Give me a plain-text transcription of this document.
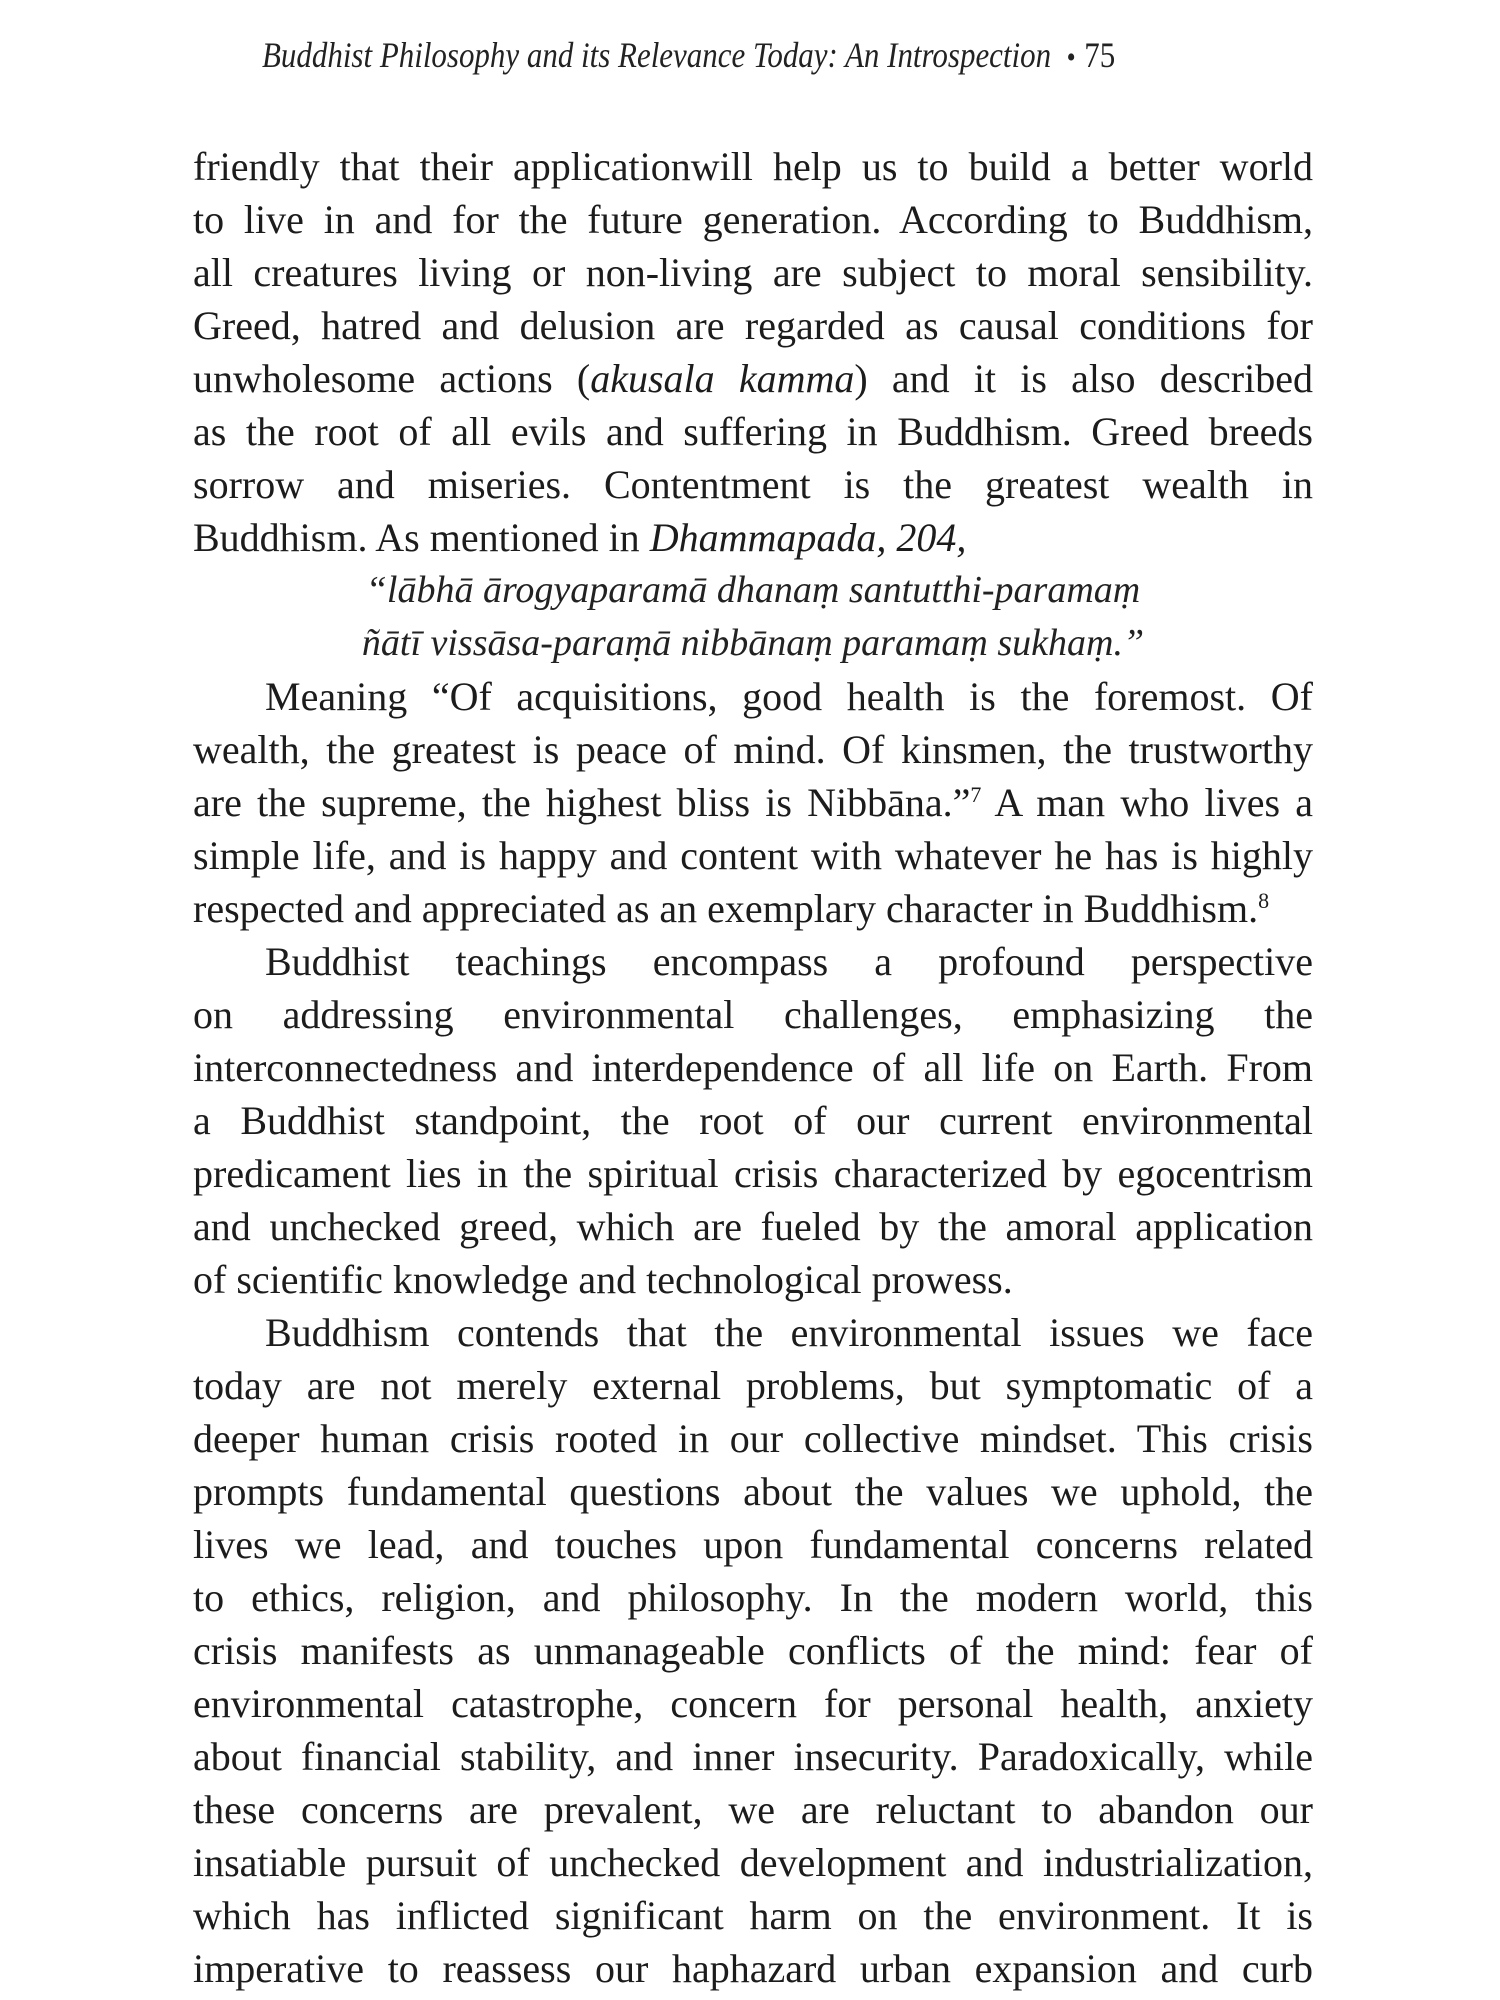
Buddhist Philosophy and its Relevance Today: An Introspection • 75
friendly that their applicationwill help us to build a better world
to live in and for the future generation. According to Buddhism,
all creatures living or non-living are subject to moral sensibility.
Greed, hatred and delusion are regarded as causal conditions for
unwholesome actions (akusala kamma) and it is also described
as the root of all evils and suffering in Buddhism. Greed breeds
sorrow and miseries. Contentment is the greatest wealth in
Buddhism. As mentioned in Dhammapada, 204,
“lābhā ārogyaparamā dhanaṃ santutthi-paramaṃ
ñātī vissāsa-paraṃā nibbānaṃ paramaṃ sukhaṃ.”
Meaning “Of acquisitions, good health is the foremost. Of
wealth, the greatest is peace of mind. Of kinsmen, the trustworthy
are the supreme, the highest bliss is Nibbāna.”$^7$ A man who lives a
simple life, and is happy and content with whatever he has is highly
respected and appreciated as an exemplary character in Buddhism.$^8$
Buddhist teachings encompass a profound perspective
on addressing environmental challenges, emphasizing the
interconnectedness and interdependence of all life on Earth. From
a Buddhist standpoint, the root of our current environmental
predicament lies in the spiritual crisis characterized by egocentrism
and unchecked greed, which are fueled by the amoral application
of scientific knowledge and technological prowess.
Buddhism contends that the environmental issues we face
today are not merely external problems, but symptomatic of a
deeper human crisis rooted in our collective mindset. This crisis
prompts fundamental questions about the values we uphold, the
lives we lead, and touches upon fundamental concerns related
to ethics, religion, and philosophy. In the modern world, this
crisis manifests as unmanageable conflicts of the mind: fear of
environmental catastrophe, concern for personal health, anxiety
about financial stability, and inner insecurity. Paradoxically, while
these concerns are prevalent, we are reluctant to abandon our
insatiable pursuit of unchecked development and industrialization,
which has inflicted significant harm on the environment. It is
imperative to reassess our haphazard urban expansion and curb
